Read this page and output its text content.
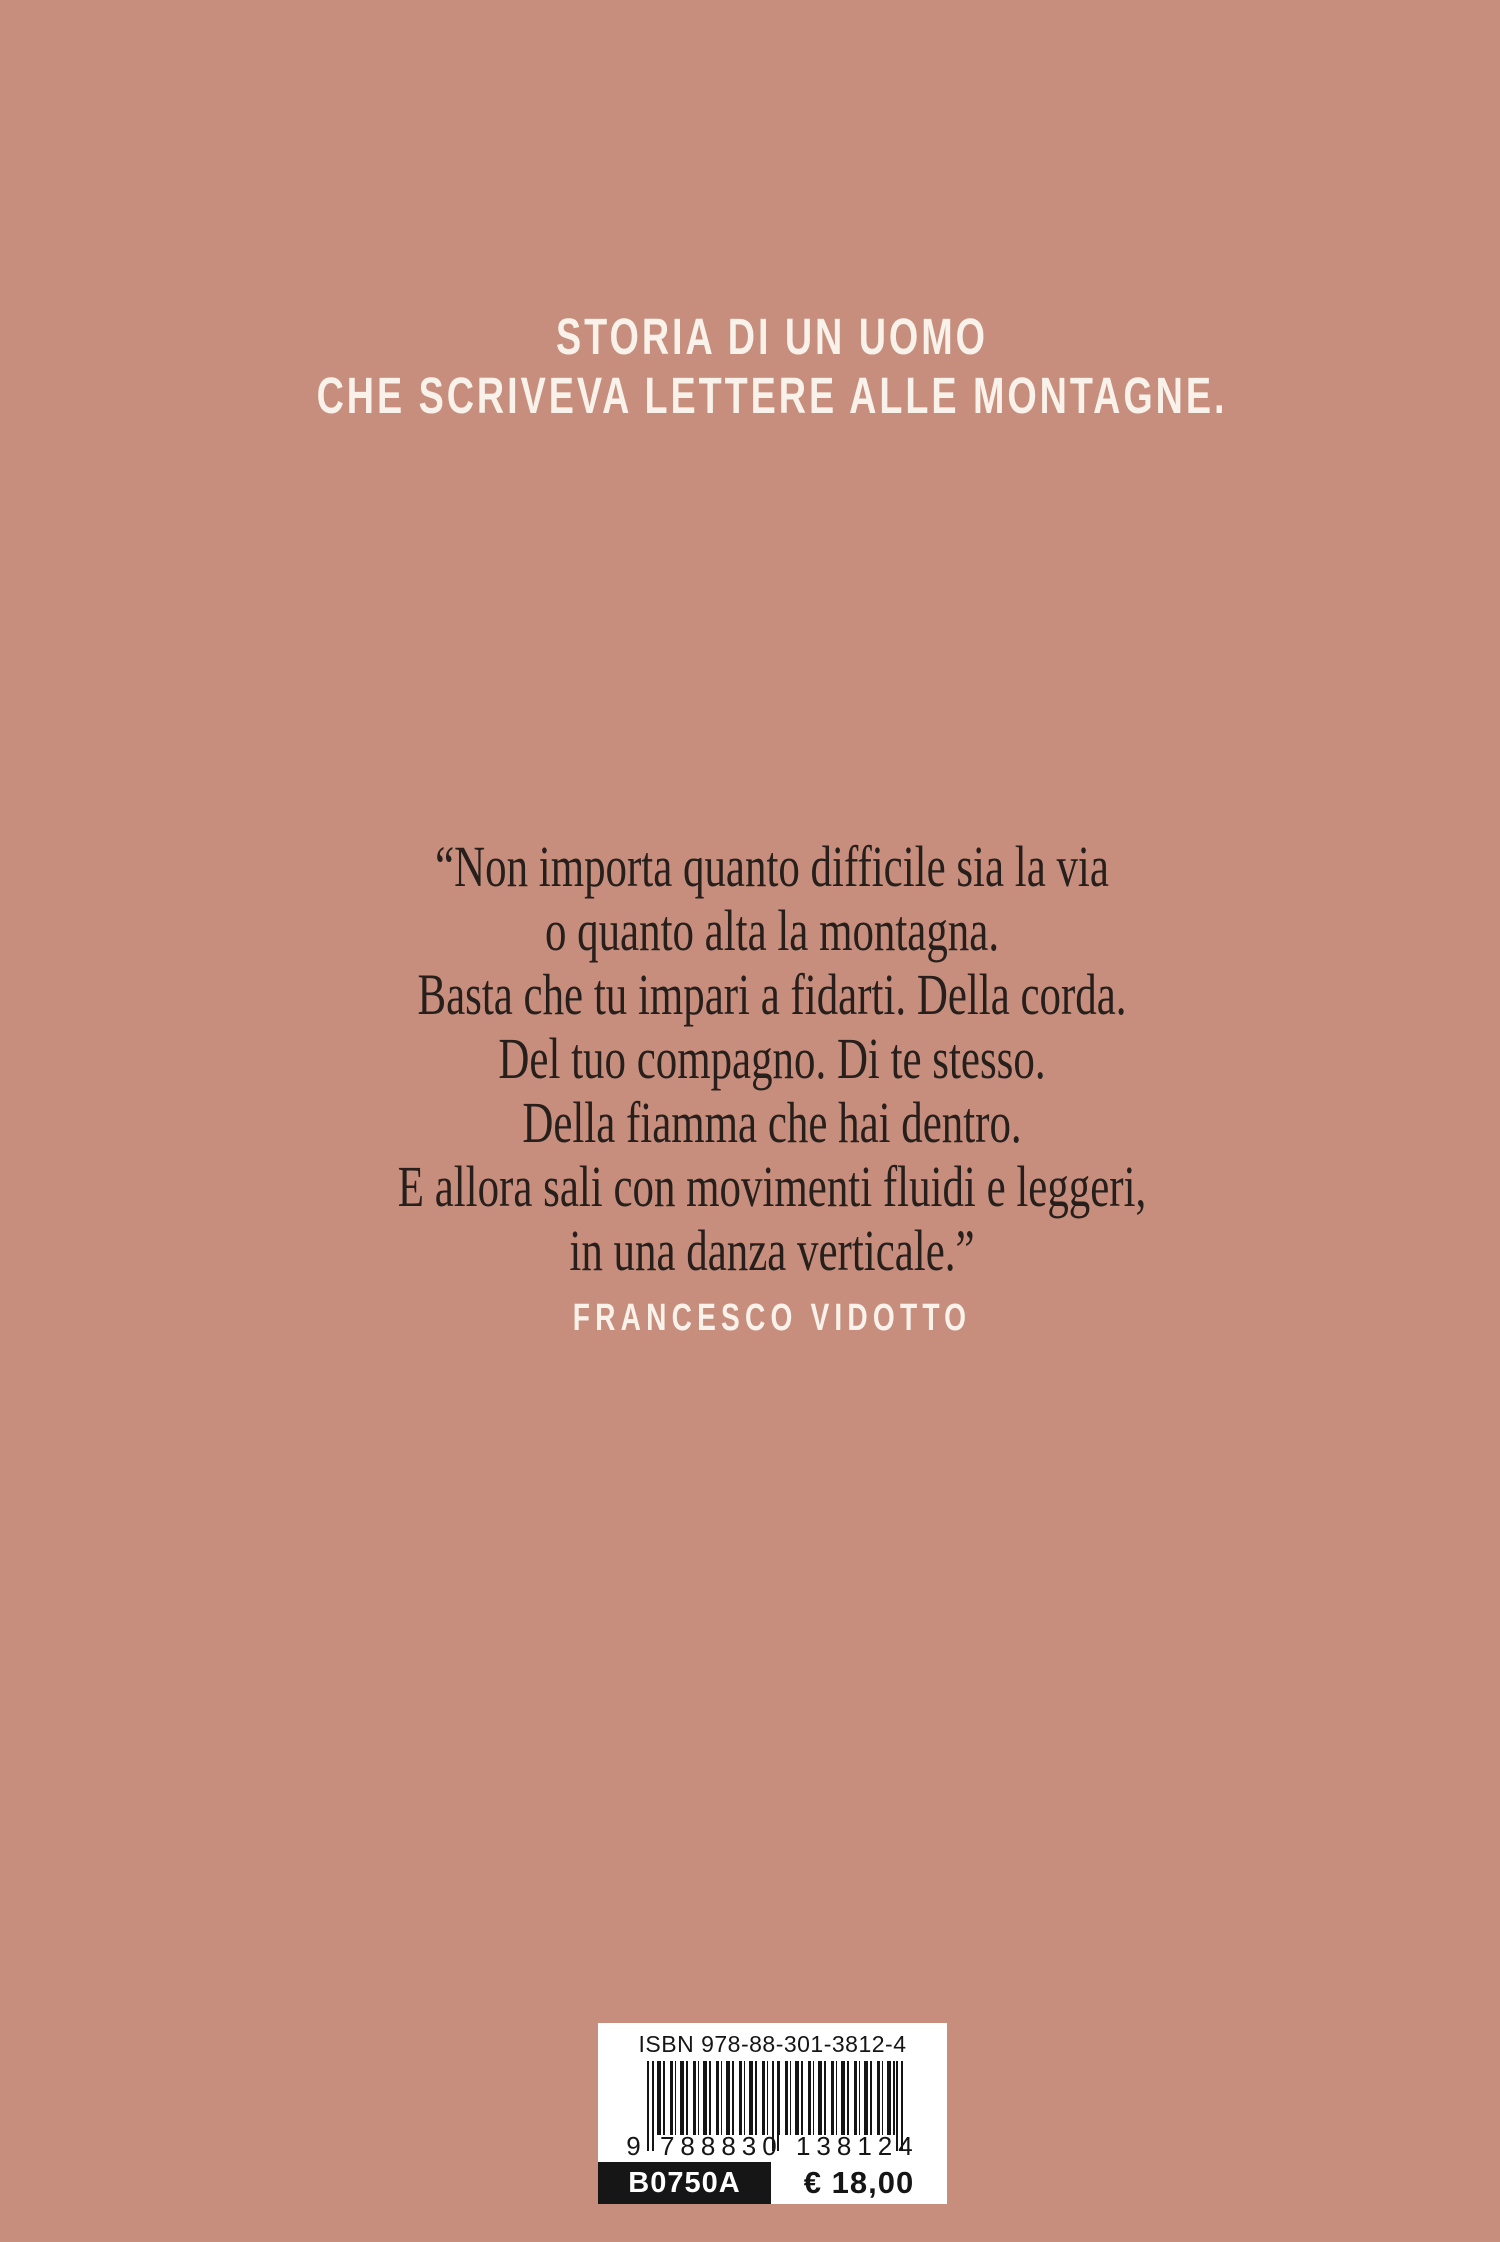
STORIA DI UN UOMO
CHE SCRIVEVA LETTERE ALLE MONTAGNE.
“Non importa quanto difficile sia la via
o quanto alta la montagna.
Basta che tu impari a fidarti. Della corda.
Del tuo compagno. Di te stesso.
Della fiamma che hai dentro.
E allora sali con movimenti fluidi e leggeri,
in una danza verticale.”
FRANCESCO VIDOTTO
ISBN 978-88-301-3812-4
9 788830 138124
B0750A	€ 18,00
